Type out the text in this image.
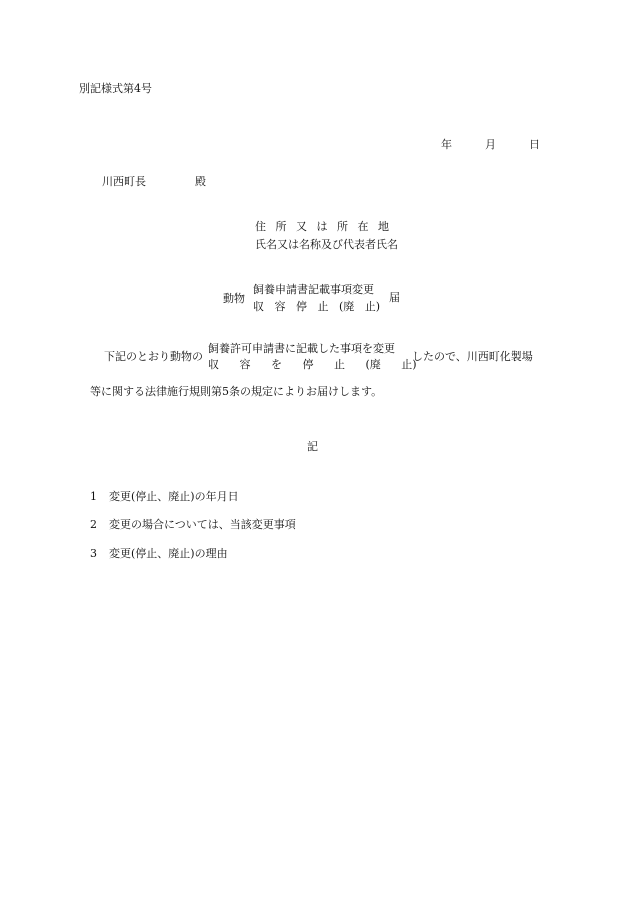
別記様式第4号
年	月	日
川西町長	殿
住 所 又 は 所 在 地
氏名又は名称及び代表者氏名
動物
飼養申請書記載事項変更
収 容 停 止 (廃 止)
届
下記のとおり動物の
飼養許可申請書に記載した事項を変更
収 容 を 停 止 (廃 止)
したので、川西町化製場
等に関する法律施行規則第5条の規定によりお届けします。
記
1 変更(停止、廃止)の年月日
2 変更の場合については、当該変更事項
3 変更(停止、廃止)の理由
